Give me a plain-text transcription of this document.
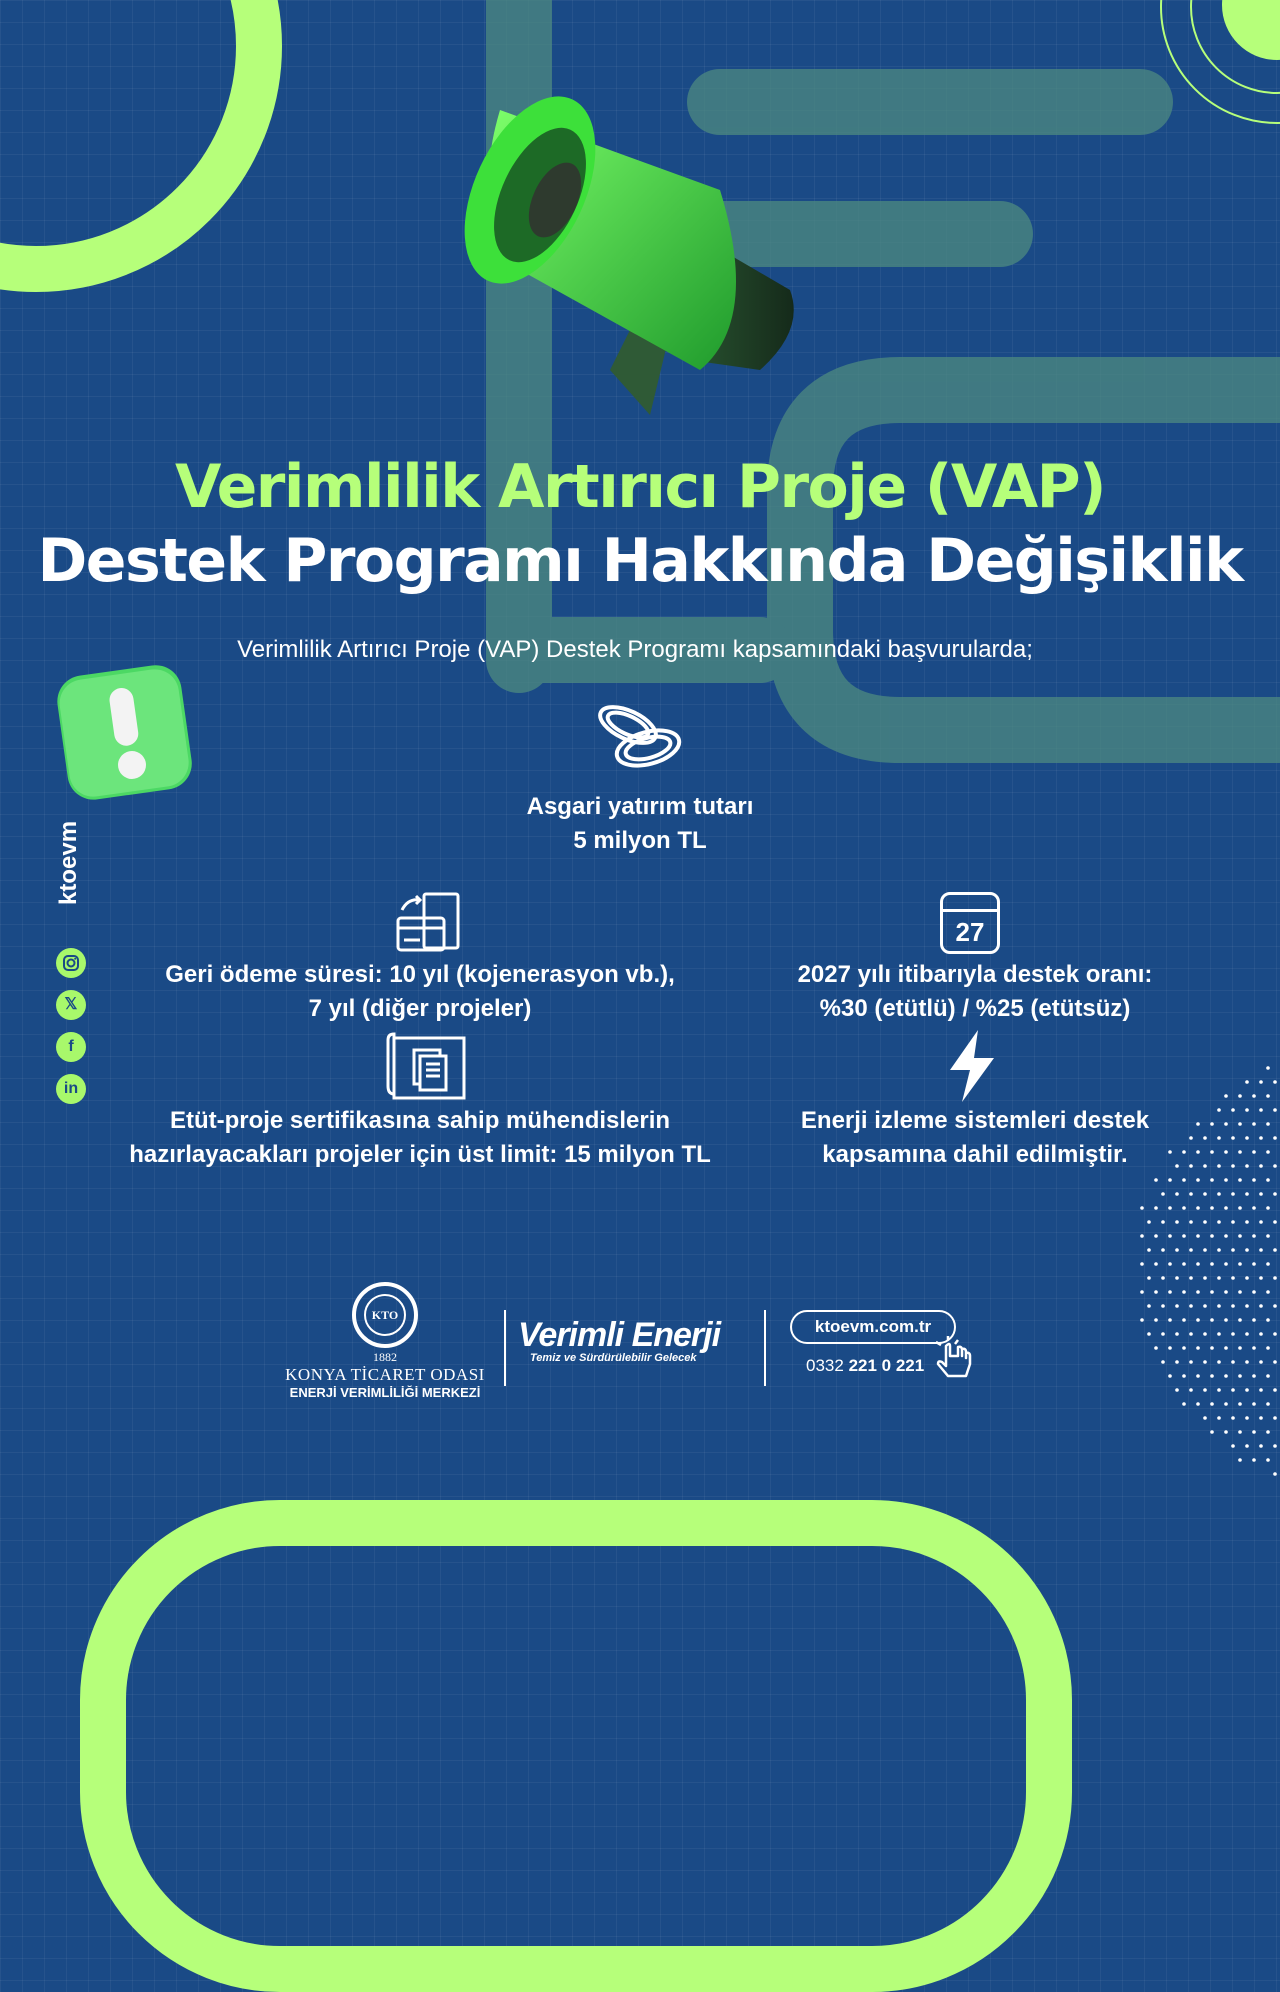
Verimlilik Artırıcı Proje (VAP)
Destek Programı Hakkında Değişiklik
Verimlilik Artırıcı Proje (VAP) Destek Programı kapsamındaki başvurularda;
Asgari yatırım tutarı
5 milyon TL
Geri ödeme süresi: 10 yıl (kojenerasyon vb.),
7 yıl (diğer projeler)
27
2027 yılı itibarıyla destek oranı:
%30 (etütlü) / %25 (etütsüz)
Etüt-proje sertifikasına sahip mühendislerin
hazırlayacakları projeler için üst limit: 15 milyon TL
Enerji izleme sistemleri destek
kapsamına dahil edilmiştir.
ktoevm
𝕏
f
in
KTO
1882
KONYA TİCARET ODASI
ENERJİ VERİMLİLİĞİ MERKEZİ
Verimli Enerji
Temiz ve Sürdürülebilir Gelecek
ktoevm.com.tr
0332 221 0 221
